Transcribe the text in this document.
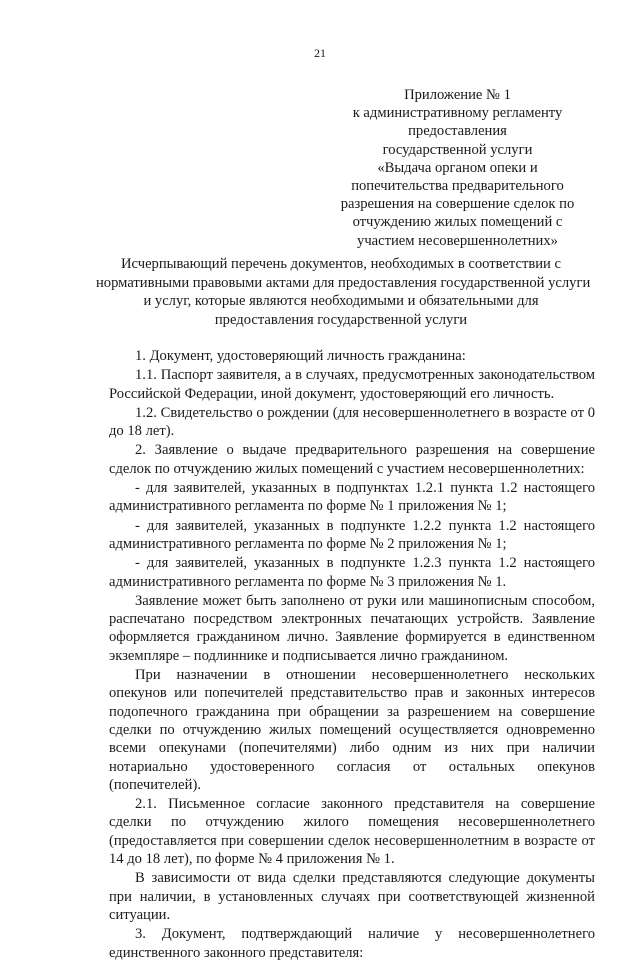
21
Приложение № 1
к административному регламенту
предоставления
государственной услуги
«Выдача органом опеки и
попечительства предварительного
разрешения на совершение сделок по
отчуждению жилых помещений с
участием несовершеннолетних»
Исчерпывающий перечень документов, необходимых в соответствии с
нормативными правовыми актами для предоставления государственной услуги
и услуг, которые являются необходимыми и обязательными для
предоставления государственной услуги

1. Документ, удостоверяющий личность гражданина:

1.1. Паспорт заявителя, а в случаях, предусмотренных законодательством Российской Федерации, иной документ, удостоверяющий его личность.

1.2. Свидетельство о рождении (для несовершеннолетнего в возрасте от 0 до 18 лет).

2. Заявление о выдаче предварительного разрешения на совершение сделок по отчуждению жилых помещений с участием несовершеннолетних:

- для заявителей, указанных в подпунктах 1.2.1 пункта 1.2 настоящего административного регламента по форме № 1 приложения № 1;

- для заявителей, указанных в подпункте 1.2.2 пункта 1.2 настоящего административного регламента по форме № 2 приложения № 1;

- для заявителей, указанных в подпункте 1.2.3 пункта 1.2 настоящего административного регламента по форме № 3 приложения № 1.

Заявление может быть заполнено от руки или машинописным способом, распечатано посредством электронных печатающих устройств. Заявление оформляется гражданином лично. Заявление формируется в единственном экземпляре – подлиннике и подписывается лично гражданином.

При назначении в отношении несовершеннолетнего нескольких опекунов или попечителей представительство прав и законных интересов подопечного гражданина при обращении за разрешением на совершение сделки по отчуждению жилых помещений осуществляется одновременно всеми опекунами (попечителями) либо одним из них при наличии нотариально удостоверенного согласия от остальных опекунов (попечителей).

2.1. Письменное согласие законного представителя на совершение сделки по отчуждению жилого помещения несовершеннолетнего (предоставляется при совершении сделок несовершеннолетним в возрасте от 14 до 18 лет), по форме № 4 приложения № 1.

В зависимости от вида сделки представляются следующие документы при наличии, в установленных случаях при соответствующей жизненной ситуации.

3. Документ, подтверждающий наличие у несовершеннолетнего единственного законного представителя:
